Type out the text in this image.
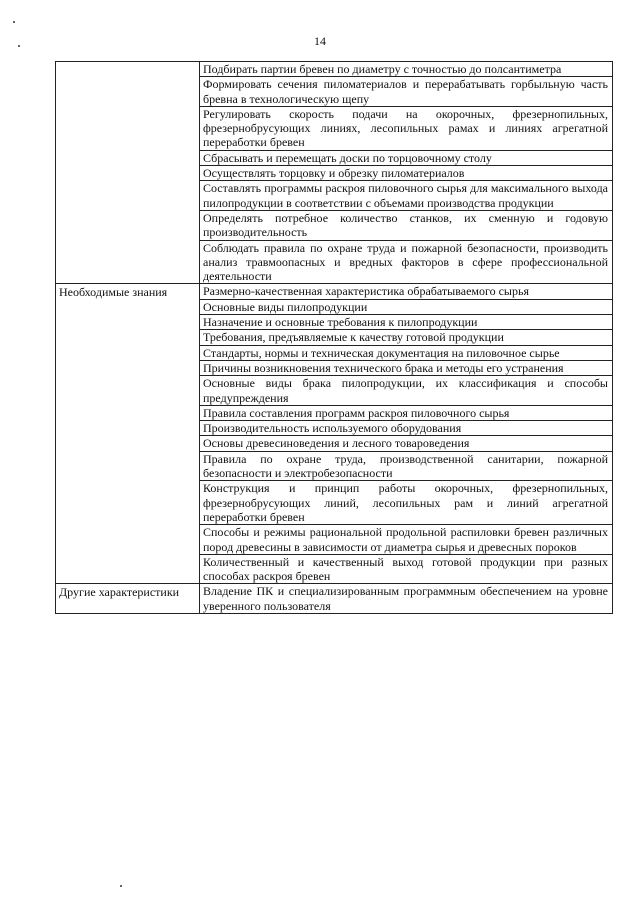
14
	Подбирать партии бревен по диаметру с точностью до полсантиметра
	Формировать сечения пиломатериалов и перерабатывать горбыльную часть бревна в технологическую щепу
	Регулировать скорость подачи на окорочных, фрезернопильных, фрезернобрусующих линиях, лесопильных рамах и линиях агрегатной переработки бревен
	Сбрасывать и перемещать доски по торцовочному столу
	Осуществлять торцовку и обрезку пиломатериалов
	Составлять программы раскроя пиловочного сырья для максимального выхода пилопродукции в соответствии с объемами производства продукции
	Определять потребное количество станков, их сменную и годовую производительность
	Соблюдать правила по охране труда и пожарной безопасности, производить анализ травмоопасных и вредных факторов в сфере профессиональной деятельности
Необходимые знания	Размерно-качественная характеристика обрабатываемого сырья
	Основные виды пилопродукции
	Назначение и основные требования к пилопродукции
	Требования, предъявляемые к качеству готовой продукции
	Стандарты, нормы и техническая документация на пиловочное сырье
	Причины возникновения технического брака и методы его устранения
	Основные виды брака пилопродукции, их классификация и способы предупреждения
	Правила составления программ раскроя пиловочного сырья
	Производительность используемого оборудования
	Основы древесиноведения и лесного товароведения
	Правила по охране труда, производственной санитарии, пожарной безопасности и электробезопасности
	Конструкция и принцип работы окорочных, фрезернопильных, фрезернобрусующих линий, лесопильных рам и линий агрегатной переработки бревен
	Способы и режимы рациональной продольной распиловки бревен различных пород древесины в зависимости от диаметра сырья и древесных пороков
	Количественный и качественный выход готовой продукции при разных способах раскроя бревен
Другие характеристики	Владение ПК и специализированным программным обеспечением на уровне уверенного пользователя
